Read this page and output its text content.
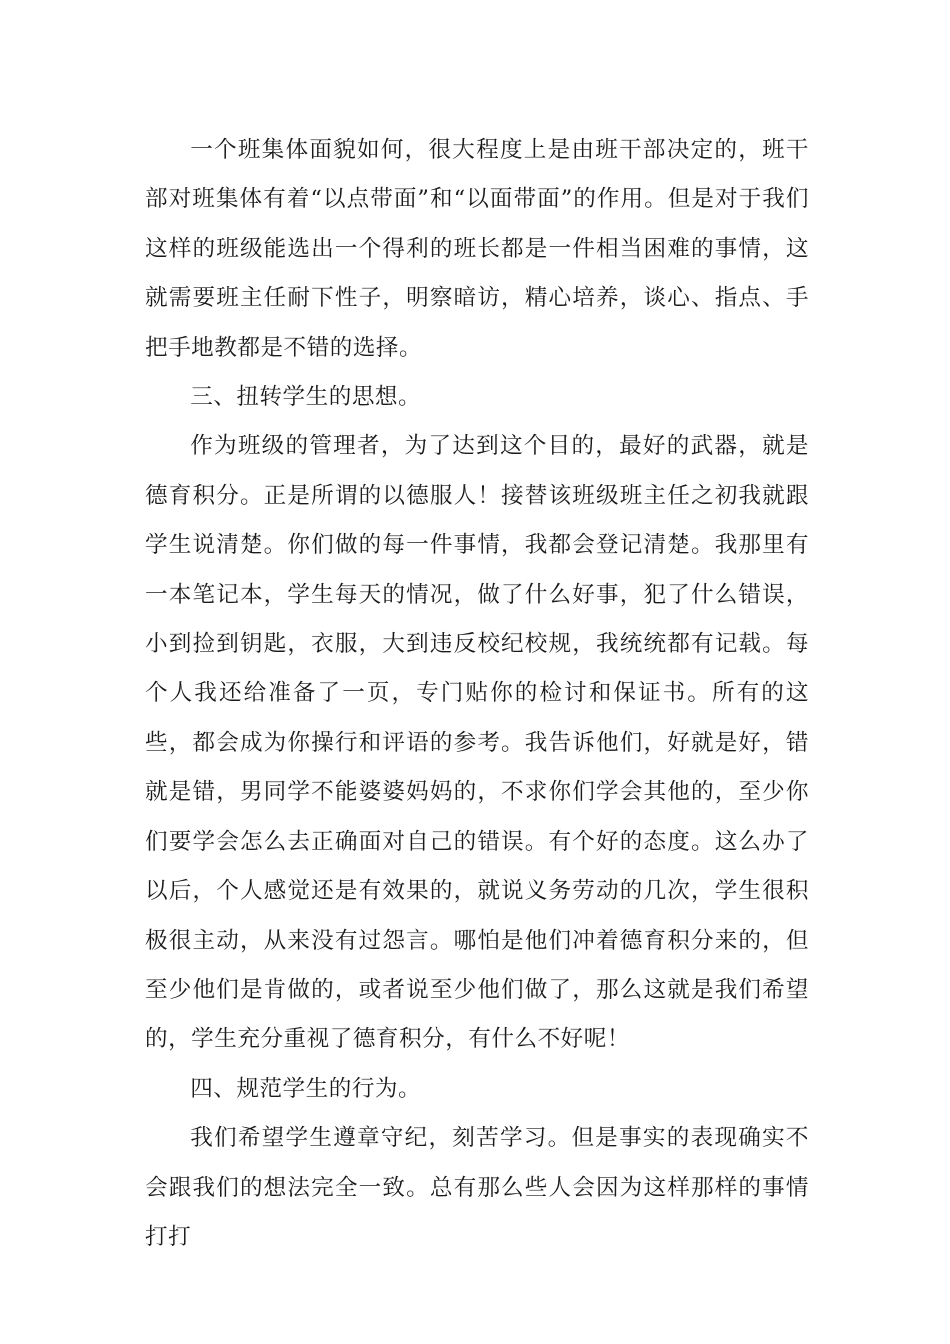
一个班集体面貌如何，很大程度上是由班干部决定的，班干部对班集体有着“以点带面”和“以面带面”的作用。但是对于我们这样的班级能选出一个得利的班长都是一件相当困难的事情，这就需要班主任耐下性子，明察暗访，精心培养，谈心、指点、手把手地教都是不错的选择。

三、扭转学生的思想。

作为班级的管理者，为了达到这个目的，最好的武器，就是德育积分。正是所谓的以德服人！接替该班级班主任之初我就跟学生说清楚。你们做的每一件事情，我都会登记清楚。我那里有一本笔记本，学生每天的情况，做了什么好事，犯了什么错误，小到捡到钥匙，衣服，大到违反校纪校规，我统统都有记载。每个人我还给准备了一页，专门贴你的检讨和保证书。所有的这些，都会成为你操行和评语的参考。我告诉他们，好就是好，错就是错，男同学不能婆婆妈妈的，不求你们学会其他的，至少你们要学会怎么去正确面对自己的错误。有个好的态度。这么办了以后，个人感觉还是有效果的，就说义务劳动的几次，学生很积极很主动，从来没有过怨言。哪怕是他们冲着德育积分来的，但至少他们是肯做的，或者说至少他们做了，那么这就是我们希望的，学生充分重视了德育积分，有什么不好呢！

四、规范学生的行为。

我们希望学生遵章守纪，刻苦学习。但是事实的表现确实不会跟我们的想法完全一致。总有那么些人会因为这样那样的事情打打
